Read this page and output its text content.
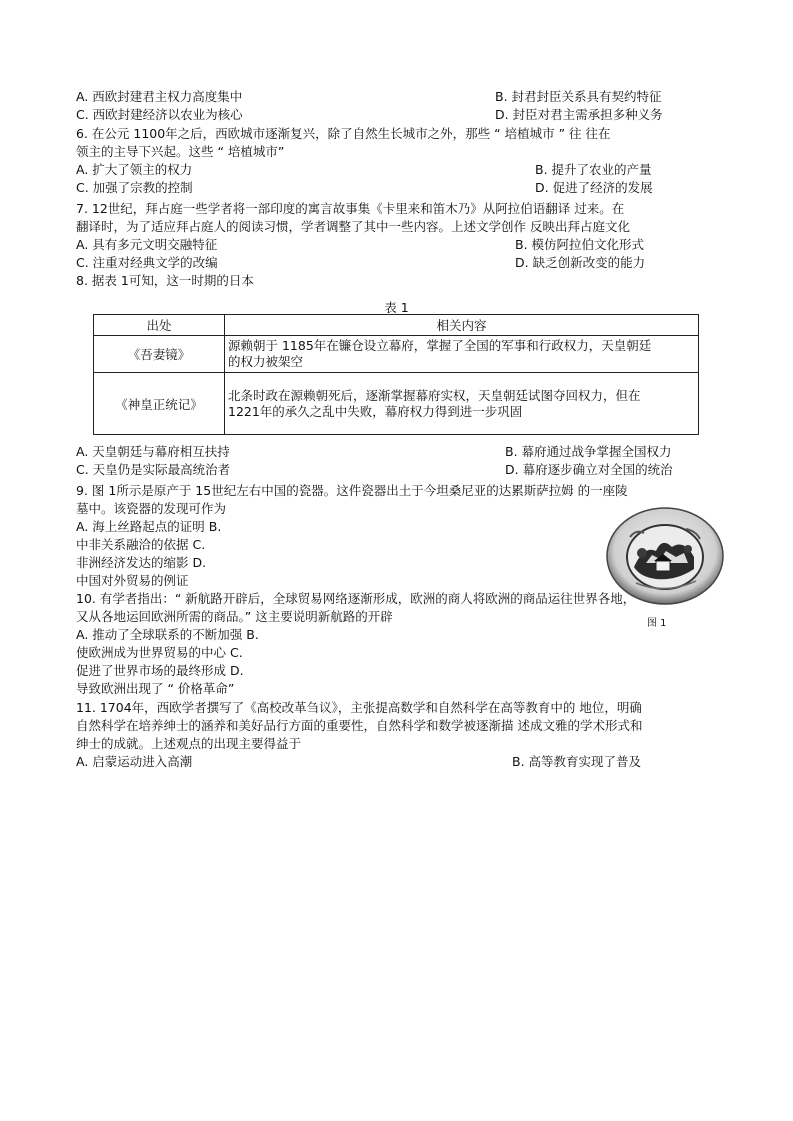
A. 西欧封建君主权力高度集中	B. 封君封臣关系具有契约特征
C. 西欧封建经济以农业为核心	D. 封臣对君主需承担多种义务
6. 在公元 1100年之后，西欧城市逐渐复兴，除了自然生长城市之外，那些 “ 培植城市 ” 往 往在
领主的主导下兴起。这些 “ 培植城市”
A. 扩大了领主的权力	B. 提升了农业的产量
C. 加强了宗教的控制	D. 促进了经济的发展
7. 12世纪，拜占庭一些学者将一部印度的寓言故事集《卡里来和笛木乃》从阿拉伯语翻译 过来。在
翻译时，为了适应拜占庭人的阅读习惯，学者调整了其中一些内容。上述文学创作 反映出拜占庭文化
A. 具有多元文明交融特征	B. 模仿阿拉伯文化形式
C. 注重对经典文学的改编	D. 缺乏创新改变的能力
8. 据表 1可知，这一时期的日本
表 1
出处	相关内容
《吾妻镜》	源赖朝于 1185年在镰仓设立幕府，掌握了全国的军事和行政权力，天皇朝廷
的权力被架空

《神皇正统记》	北条时政在源赖朝死后，逐渐掌握幕府实权，天皇朝廷试图夺回权力，但在
1221年的承久之乱中失败，幕府权力得到进一步巩固
A. 天皇朝廷与幕府相互扶持	B. 幕府通过战争掌握全国权力
C. 天皇仍是实际最高统治者	D. 幕府逐步确立对全国的统治
9. 图 1所示是原产于 15世纪左右中国的瓷器。这件瓷器出土于今坦桑尼亚的达累斯萨拉姆 的一座陵
墓中。该瓷器的发现可作为
A. 海上丝路起点的证明 B.
中非关系融洽的依据 C.
非洲经济发达的缩影 D.
中国对外贸易的例证
图 1
10. 有学者指出：“ 新航路开辟后，全球贸易网络逐渐形成，欧洲的商人将欧洲的商品运往世界各地，
又从各地运回欧洲所需的商品。” 这主要说明新航路的开辟
A. 推动了全球联系的不断加强 B.
使欧洲成为世界贸易的中心 C.
促进了世界市场的最终形成 D.
导致欧洲出现了 “ 价格革命”
11. 1704年，西欧学者撰写了《高校改革刍议》，主张提高数学和自然科学在高等教育中的 地位，明确
自然科学在培养绅士的涵养和美好品行方面的重要性，自然科学和数学被逐渐描 述成文雅的学术形式和
绅士的成就。上述观点的出现主要得益于
A. 启蒙运动进入高潮	B. 高等教育实现了普及
